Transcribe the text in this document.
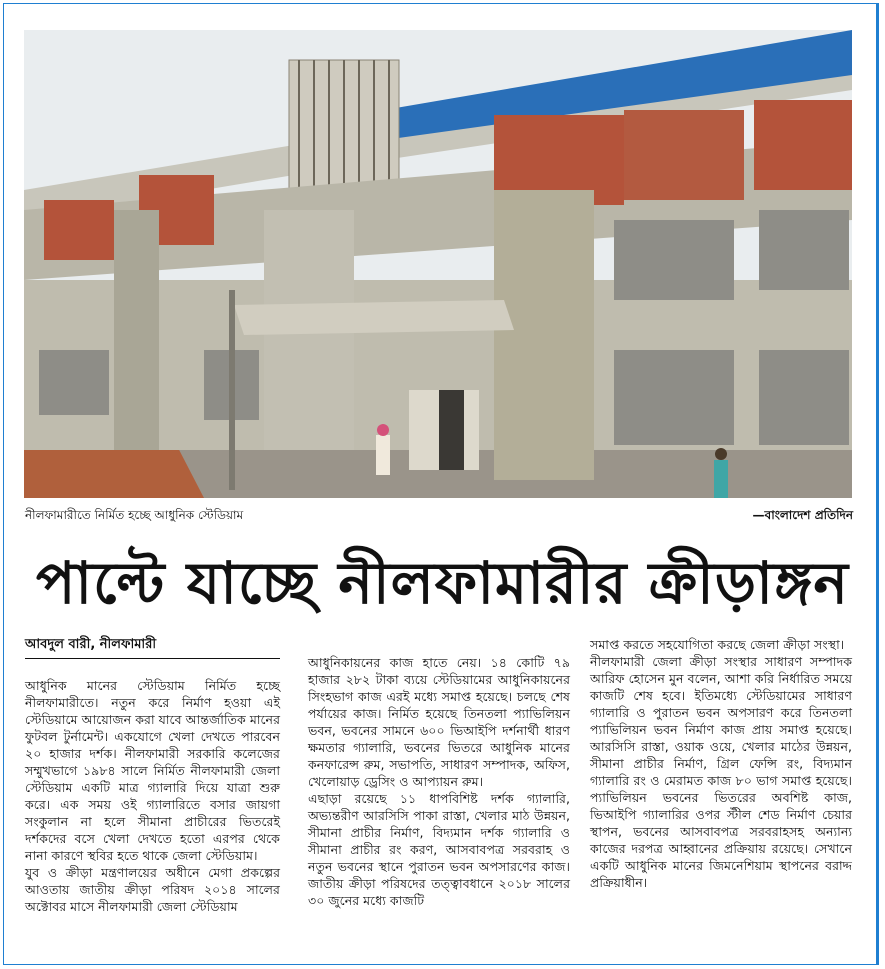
নীলফামারীতে নির্মিত হচ্ছে আধুনিক স্টেডিয়াম	—বাংলাদেশ প্রতিদিন
পাল্টে যাচ্ছে নীলফামারীর ক্রীড়াঙ্গন
আবদুল বারী, নীলফামারী

আধুনিক মানের স্টেডিয়াম নির্মিত হচ্ছে নীলফামারীতে। নতুন করে নির্মাণ হওয়া এই স্টেডিয়ামে আয়োজন করা যাবে আন্তর্জাতিক মানের ফুটবল টুর্নামেন্ট। একযোগে খেলা দেখতে পারবেন ২০ হাজার দর্শক। নীলফামারী সরকারি কলেজের সম্মুখভাগে ১৯৮৪ সালে নির্মিত নীলফামারী জেলা স্টেডিয়াম একটি মাত্র গ্যালারি দিয়ে যাত্রা শুরু করে। এক সময় ওই গ্যালারিতে বসার জায়গা সংকুলান না হলে সীমানা প্রাচীরের ভিতরেই দর্শকদের বসে খেলা দেখতে হতো এরপর থেকে নানা কারণে স্থবির হতে থাকে জেলা স্টেডিয়াম।

যুব ও ক্রীড়া মন্ত্রণালয়ের অধীনে মেগা প্রকল্পের আওতায় জাতীয় ক্রীড়া পরিষদ ২০১৪ সালের অক্টোবর মাসে নীলফামারী জেলা স্টেডিয়াম

আধুনিকায়নের কাজ হাতে নেয়। ১৪ কোটি ৭৯ হাজার ২৮২ টাকা ব্যয়ে স্টেডিয়ামের আধুনিকায়নের সিংহভাগ কাজ এরই মধ্যে সমাপ্ত হয়েছে। চলছে শেষ পর্যায়ের কাজ। নির্মিত হয়েছে তিনতলা প্যাভিলিয়ন ভবন, ভবনের সামনে ৬০০ ভিআইপি দর্শনার্থী ধারণ ক্ষমতার গ্যালারি, ভবনের ভিতরে আধুনিক মানের কনফারেন্স রুম, সভাপতি, সাধারণ সম্পাদক, অফিস, খেলোয়াড় ড্রেসিং ও আপ্যায়ন রুম।

এছাড়া রয়েছে ১১ ধাপবিশিষ্ট দর্শক গ্যালারি, অভ্যন্তরীণ আরসিসি পাকা রাস্তা, খেলার মাঠ উন্নয়ন, সীমানা প্রাচীর নির্মাণ, বিদ্যমান দর্শক গ্যালারি ও সীমানা প্রাচীর রং করণ, আসবাবপত্র সরবরাহ ও নতুন ভবনের স্থানে পুরাতন ভবন অপসারণের কাজ। জাতীয় ক্রীড়া পরিষদের তত্ত্বাবধানে ২০১৮ সালের ৩০ জুনের মধ্যে কাজটি

সমাপ্ত করতে সহযোগিতা করছে জেলা ক্রীড়া সংস্থা।

নীলফামারী জেলা ক্রীড়া সংস্থার সাধারণ সম্পাদক আরিফ হোসেন মুন বলেন, আশা করি নির্ধারিত সময়ে কাজটি শেষ হবে। ইতিমধ্যে স্টেডিয়ামের সাধারণ গ্যালারি ও পুরাতন ভবন অপসারণ করে তিনতলা প্যাভিলিয়ন ভবন নির্মাণ কাজ প্রায় সমাপ্ত হয়েছে। আরসিসি রাস্তা, ওয়াক ওয়ে, খেলার মাঠের উন্নয়ন, সীমানা প্রাচীর নির্মাণ, গ্রিল ফেন্সি রং, বিদ্যমান গ্যালারি রং ও মেরামত কাজ ৮০ ভাগ সমাপ্ত হয়েছে। প্যাভিলিয়ন ভবনের ভিতরের অবশিষ্ট কাজ, ভিআইপি গ্যালারির ওপর স্টীল শেড নির্মাণ চেয়ার স্থাপন, ভবনের আসবাবপত্র সরবরাহসহ অন্যান্য কাজের দরপত্র আহ্বানের প্রক্রিয়ায় রয়েছে। সেখানে একটি আধুনিক মানের জিমনেশিয়াম স্থাপনের বরাদ্দ প্রক্রিয়াধীন।
